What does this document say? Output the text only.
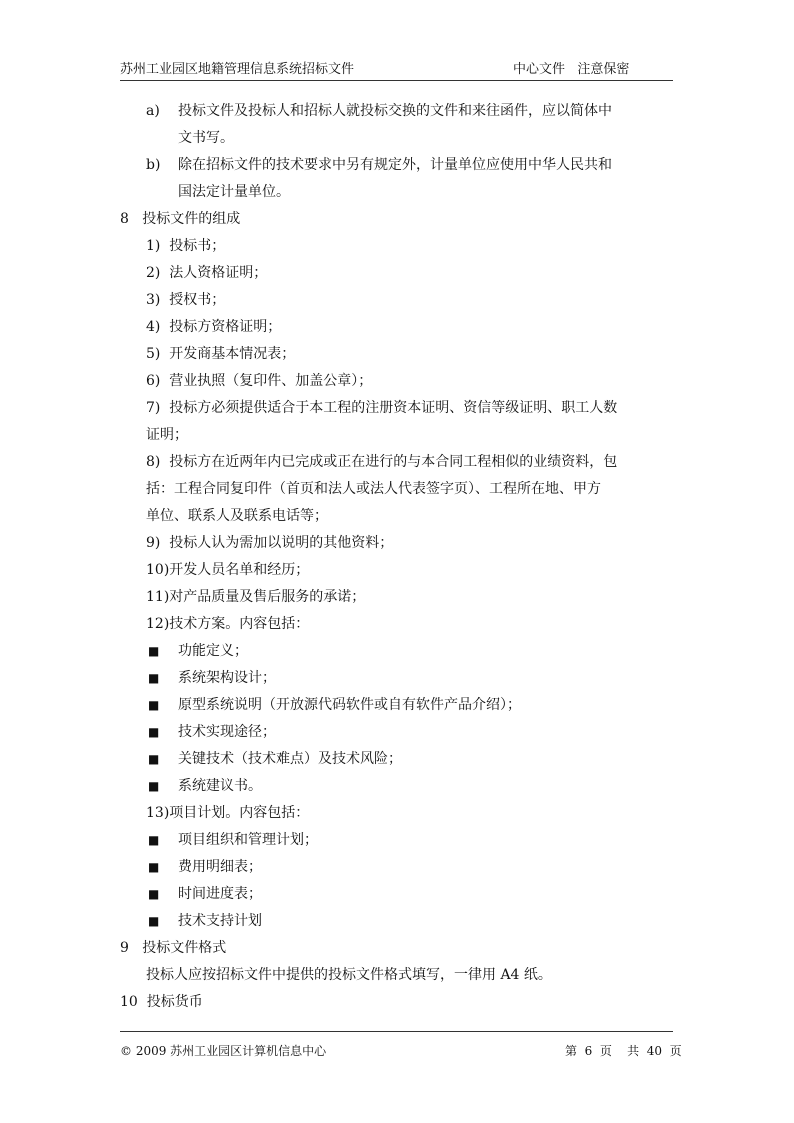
苏州工业园区地籍管理信息系统招标文件	中心文件   注意保密
a) 投标文件及投标人和招标人就投标交换的文件和来往函件，应以简体中
文书写。
b) 除在招标文件的技术要求中另有规定外，计量单位应使用中华人民共和
国法定计量单位。
8   投标文件的组成
1)  投标书；
2)  法人资格证明；
3)  授权书；
4)  投标方资格证明；
5)  开发商基本情况表；
6)  营业执照（复印件、加盖公章）；
7)  投标方必须提供适合于本工程的注册资本证明、资信等级证明、职工人数
证明；
8)  投标方在近两年内已完成或正在进行的与本合同工程相似的业绩资料，包
括：工程合同复印件（首页和法人或法人代表签字页）、工程所在地、甲方
单位、联系人及联系电话等；
9)  投标人认为需加以说明的其他资料；
10)开发人员名单和经历；
11)对产品质量及售后服务的承诺；
12)技术方案。内容包括：
■ 功能定义；
■ 系统架构设计；
■ 原型系统说明（开放源代码软件或自有软件产品介绍）；
■ 技术实现途径；
■ 关键技术（技术难点）及技术风险；
■ 系统建议书。
13)项目计划。内容包括：
■ 项目组织和管理计划；
■ 费用明细表；
■ 时间进度表；
■ 技术支持计划
9   投标文件格式
投标人应按招标文件中提供的投标文件格式填写，一律用 A4 纸。
10  投标货币
© 2009 苏州工业园区计算机信息中心	第  6  页    共  40  页
